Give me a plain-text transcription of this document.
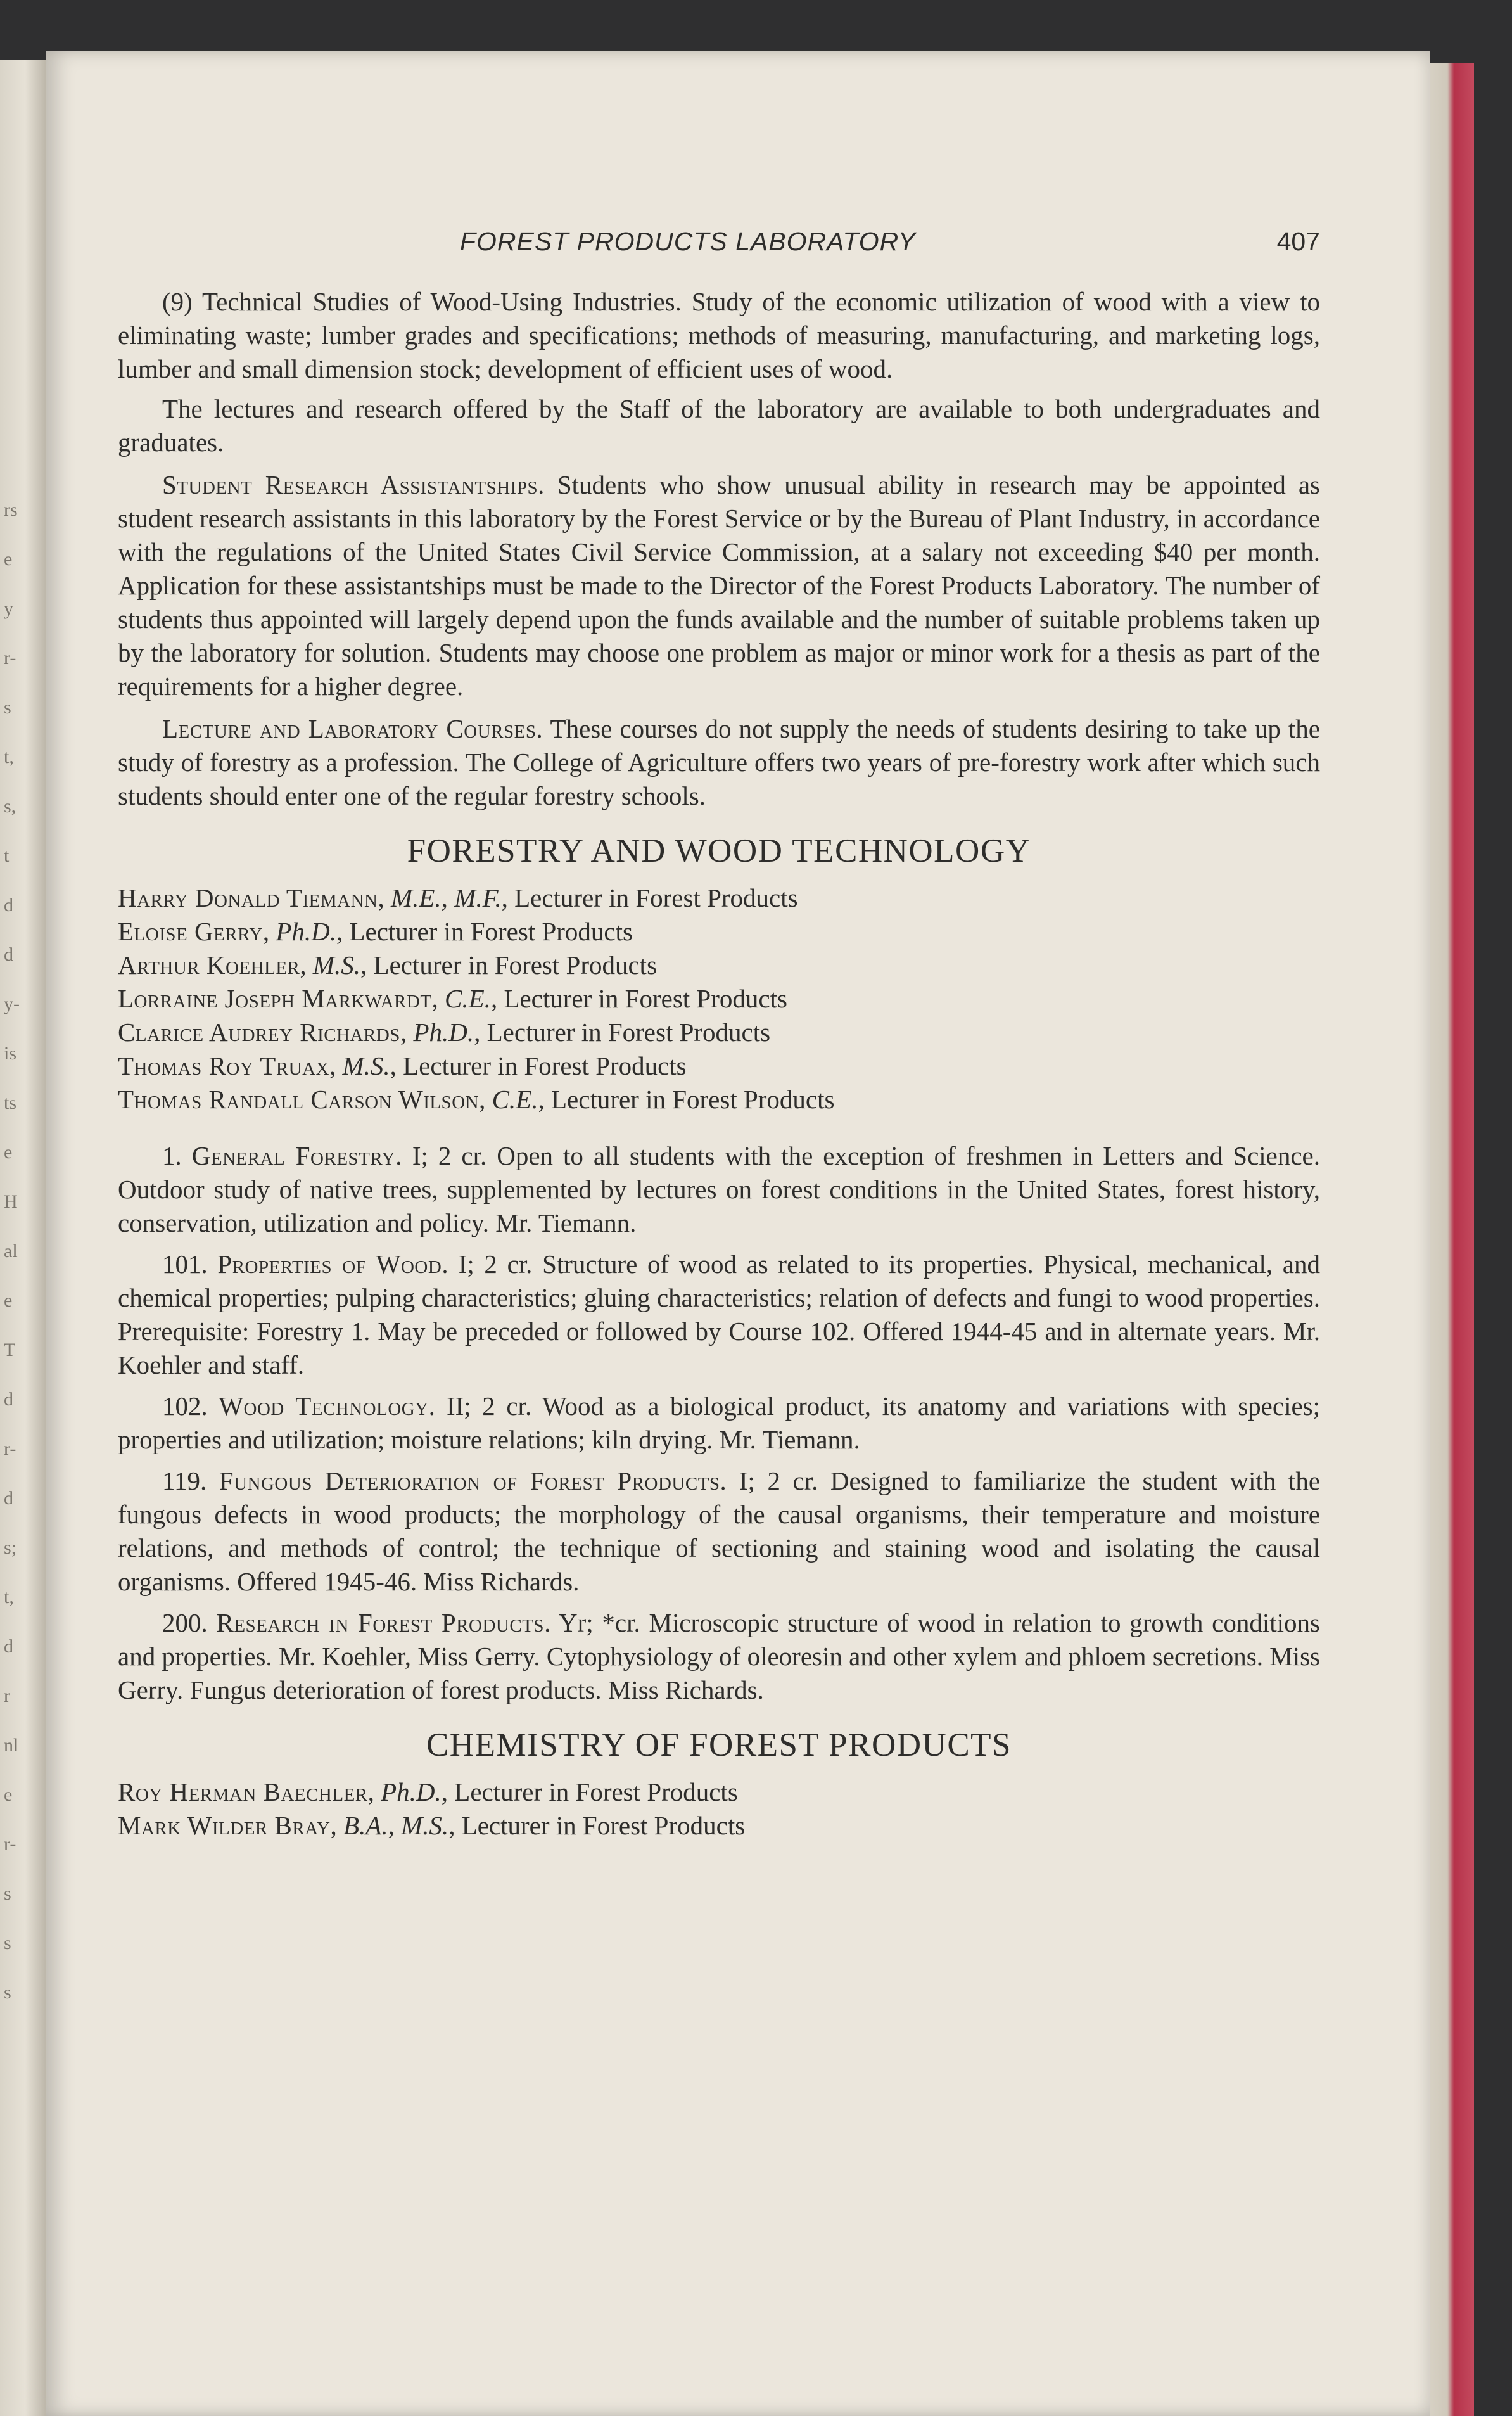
rs
e
y
r-
s
t,
s,
t
d
d
y-
is
ts
e
H
al
e
T
d
r-
d
s;
t,
d
r
nl
e
r-
s
s
s
FOREST PRODUCTS LABORATORY	407

(9) Technical Studies of Wood-Using Industries. Study of the economic utilization of wood with a view to eliminating waste; lumber grades and specifications; methods of measuring, manufacturing, and marketing logs, lumber and small dimension stock; development of efficient uses of wood.

The lectures and research offered by the Staff of the laboratory are available to both undergraduates and graduates.

Student Research Assistantships. Students who show unusual ability in research may be appointed as student research assistants in this laboratory by the Forest Service or by the Bureau of Plant Industry, in accordance with the regulations of the United States Civil Service Commission, at a salary not exceeding $40 per month. Application for these assistantships must be made to the Director of the Forest Products Laboratory. The number of students thus appointed will largely depend upon the funds available and the number of suitable problems taken up by the laboratory for solution. Students may choose one problem as major or minor work for a thesis as part of the requirements for a higher degree.

Lecture and Laboratory Courses. These courses do not supply the needs of students desiring to take up the study of forestry as a profession. The College of Agriculture offers two years of pre-forestry work after which such students should enter one of the regular forestry schools.

FORESTRY AND WOOD TECHNOLOGY

Harry Donald Tiemann, M.E., M.F., Lecturer in Forest Products

Eloise Gerry, Ph.D., Lecturer in Forest Products

Arthur Koehler, M.S., Lecturer in Forest Products

Lorraine Joseph Markwardt, C.E., Lecturer in Forest Products

Clarice Audrey Richards, Ph.D., Lecturer in Forest Products

Thomas Roy Truax, M.S., Lecturer in Forest Products

Thomas Randall Carson Wilson, C.E., Lecturer in Forest Products

1. General Forestry. I; 2 cr. Open to all students with the exception of freshmen in Letters and Science. Outdoor study of native trees, supplemented by lectures on forest conditions in the United States, forest history, conservation, utilization and policy. Mr. Tiemann.

101. Properties of Wood. I; 2 cr. Structure of wood as related to its properties. Physical, mechanical, and chemical properties; pulping characteristics; gluing characteristics; relation of defects and fungi to wood properties. Prerequisite: Forestry 1. May be preceded or followed by Course 102. Offered 1944-45 and in alternate years. Mr. Koehler and staff.

102. Wood Technology. II; 2 cr. Wood as a biological product, its anatomy and variations with species; properties and utilization; moisture relations; kiln drying. Mr. Tiemann.

119. Fungous Deterioration of Forest Products. I; 2 cr. Designed to familiarize the student with the fungous defects in wood products; the morphology of the causal organisms, their temperature and moisture relations, and methods of control; the technique of sectioning and staining wood and isolating the causal organisms. Offered 1945-46. Miss Richards.

200. Research in Forest Products. Yr; *cr. Microscopic structure of wood in relation to growth conditions and properties. Mr. Koehler, Miss Gerry. Cytophysiology of oleoresin and other xylem and phloem secretions. Miss Gerry. Fungus deterioration of forest products. Miss Richards.

CHEMISTRY OF FOREST PRODUCTS

Roy Herman Baechler, Ph.D., Lecturer in Forest Products

Mark Wilder Bray, B.A., M.S., Lecturer in Forest Products
